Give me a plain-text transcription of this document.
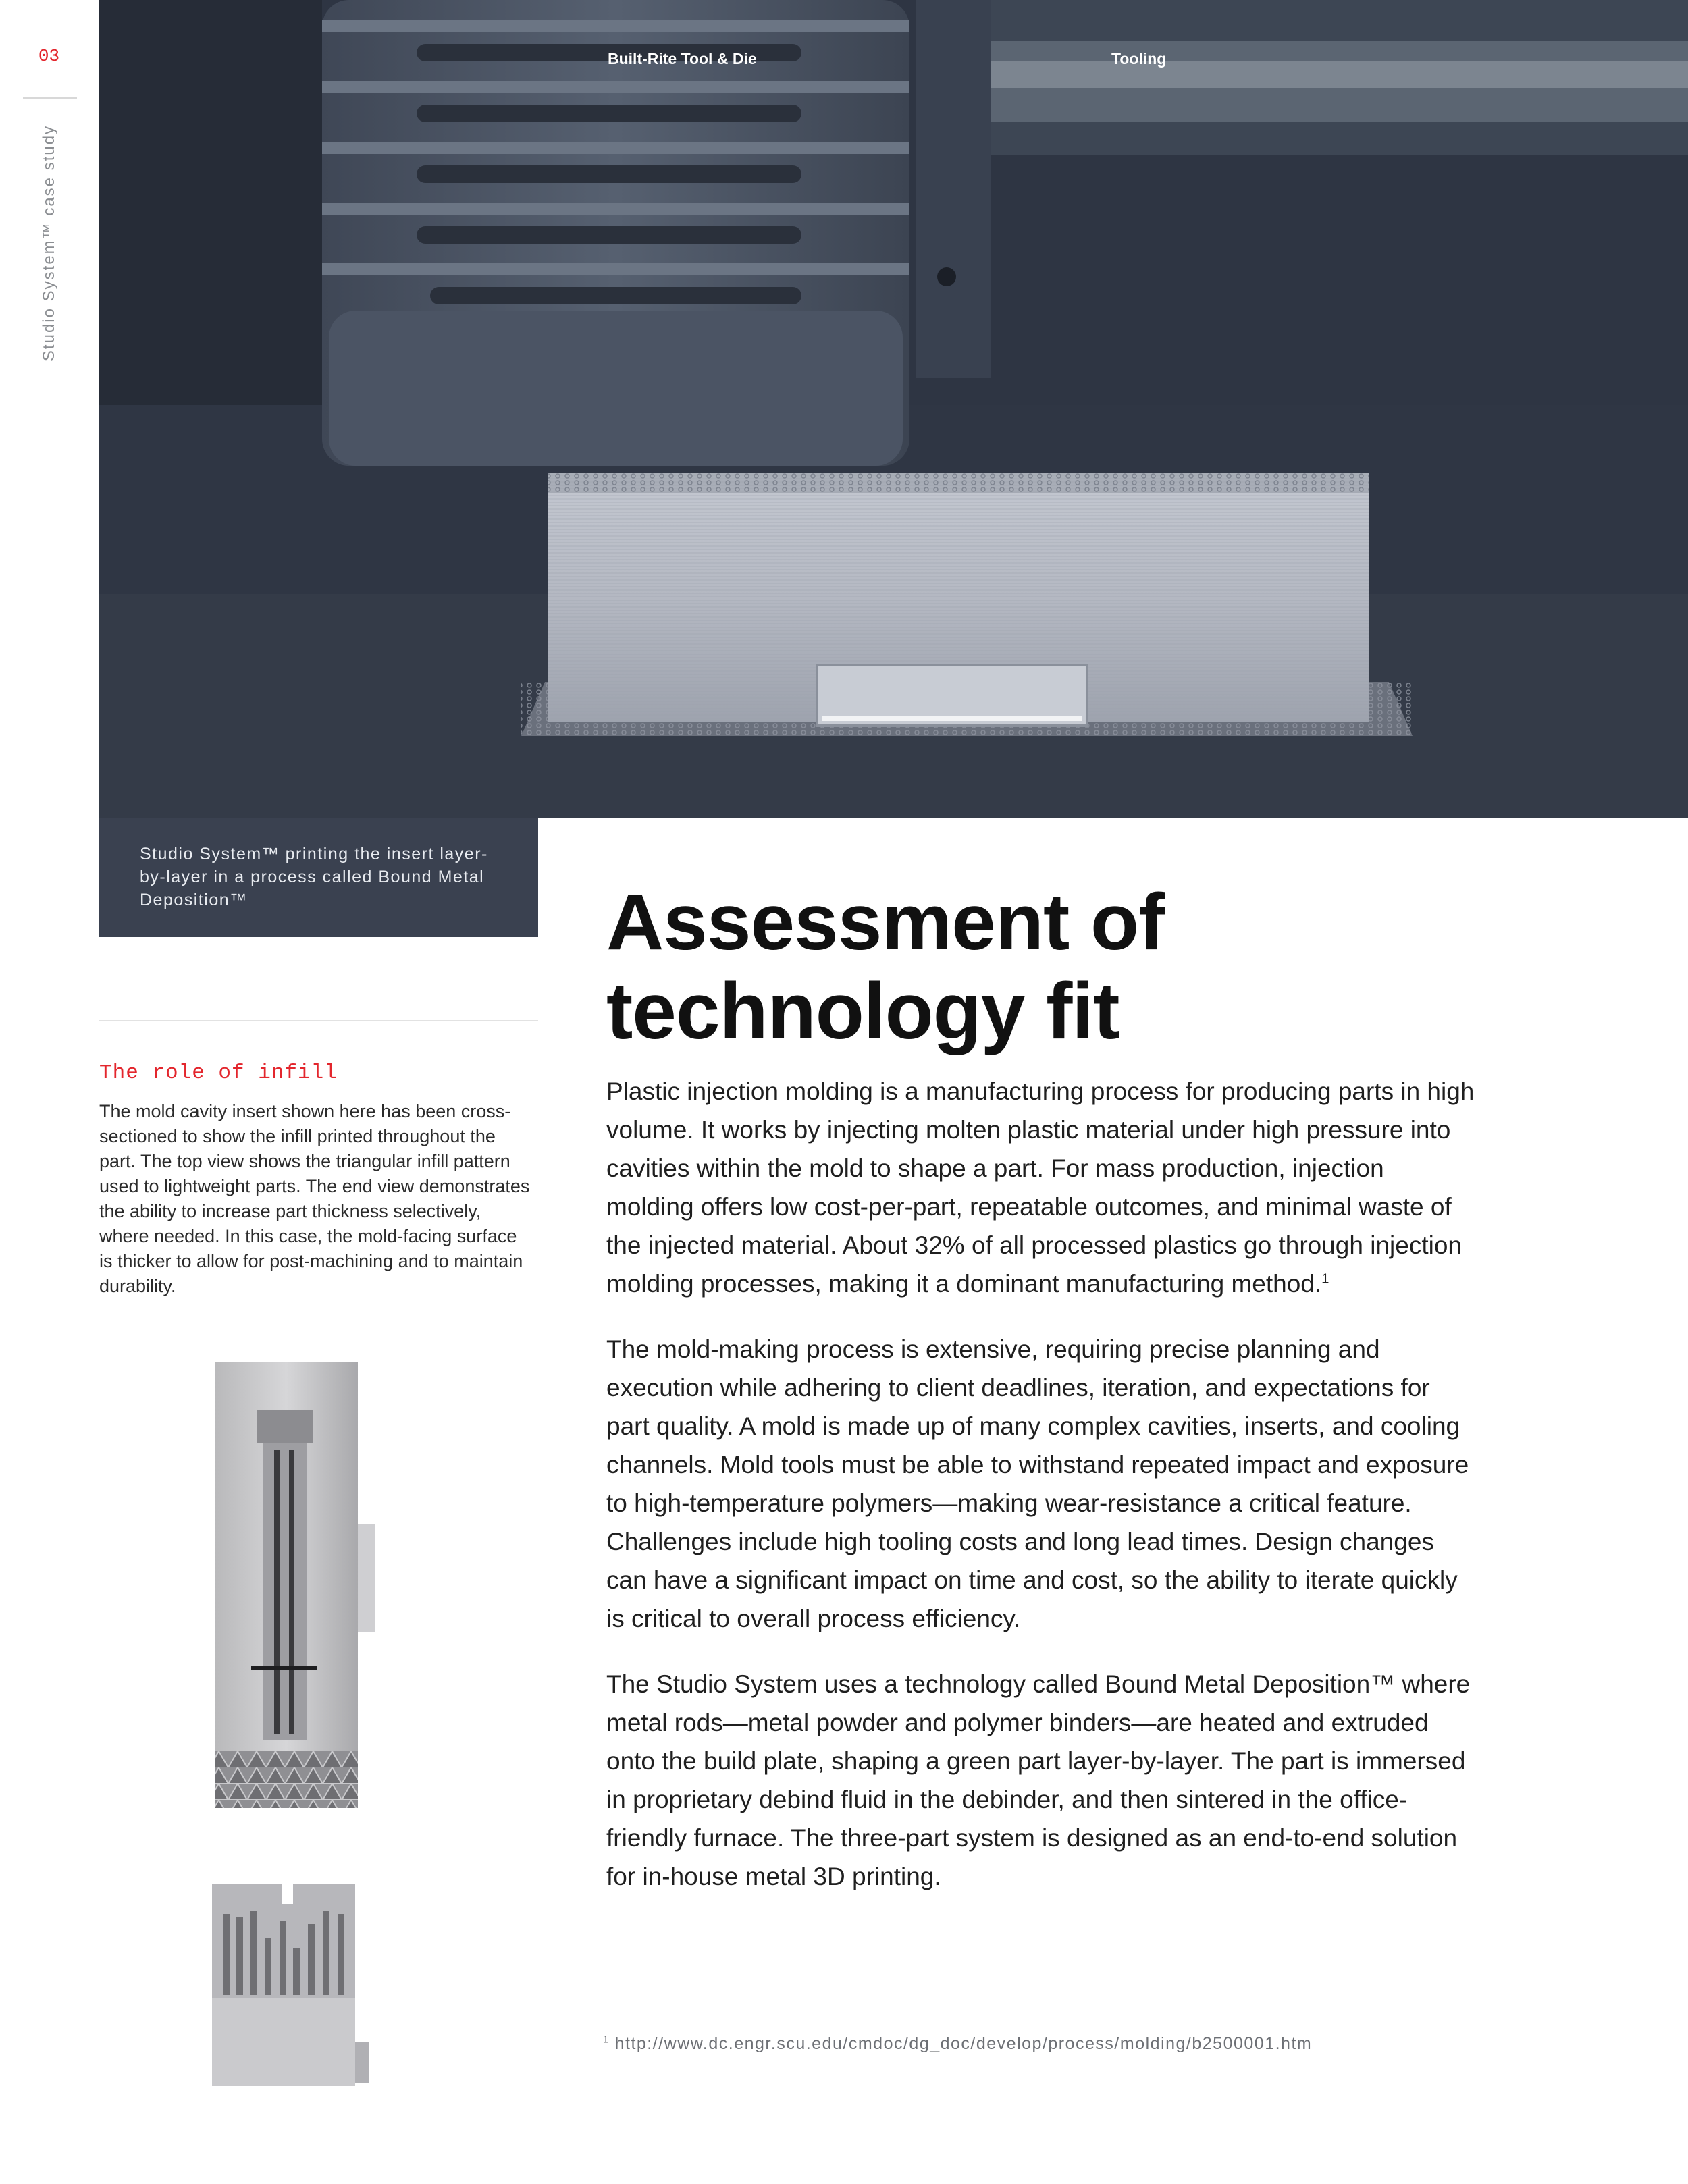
03
Studio System™ case study
Built-Rite Tool & Die	Tooling
Studio System™ printing the insert layer-by-layer in a process called Bound Metal Deposition™
The role of infill
The mold cavity insert shown here has been cross-sectioned to show the infill printed throughout the part. The top view shows the triangular infill pattern used to lightweight parts. The end view demonstrates the ability to increase part thickness selectively, where needed. In this case, the mold-facing surface is thicker to allow for post-machining and to maintain durability.
Assessment of technology fit

Plastic injection molding is a manufacturing process for producing parts in high volume. It works by injecting molten plastic material under high pressure into cavities within the mold to shape a part. For mass production, injection molding offers low cost-per-part, repeatable outcomes, and minimal waste of the injected material. About 32% of all processed plastics go through injection molding processes, making it a dominant manufacturing method.$^1$

The mold-making process is extensive, requiring precise planning and execution while adhering to client deadlines, iteration, and expectations for part quality. A mold is made up of many complex cavities, inserts, and cooling channels. Mold tools must be able to withstand repeated impact and exposure to high-temperature polymers—making wear-resistance a critical feature. Challenges include high tooling costs and long lead times. Design changes can have a significant impact on time and cost, so the ability to iterate quickly is critical to overall process efficiency.

The Studio System uses a technology called Bound Metal Deposition™ where metal rods—metal powder and polymer binders—are heated and extruded onto the build plate, shaping a green part layer-by-layer. The part is immersed in proprietary debind fluid in the debinder, and then sintered in the office-friendly furnace. The three-part system is designed as an end-to-end solution for in-house metal 3D printing.

$^1$ http://www.dc.engr.scu.edu/cmdoc/dg_doc/develop/process/molding/b2500001.htm
